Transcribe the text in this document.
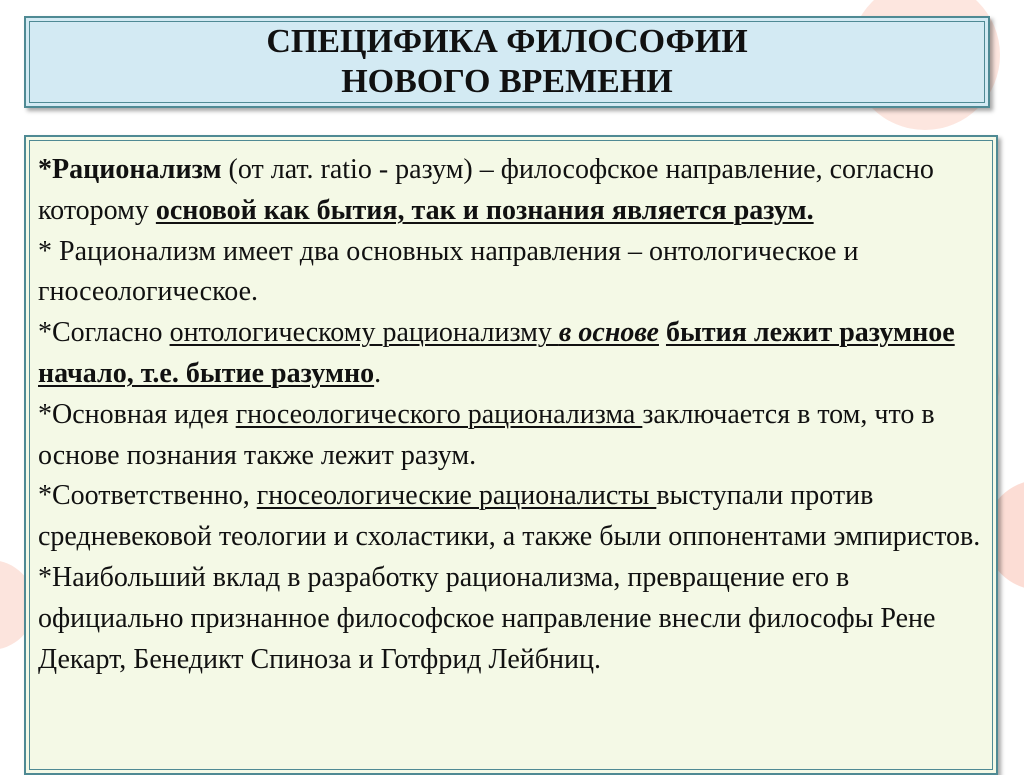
СПЕЦИФИКА ФИЛОСОФИИ НОВОГО ВРЕМЕНИ

*Рационализм (от лат. ratio - разум) – философское направление, согласно которому основой как бытия, так и познания является разум.

* Рационализм имеет два основных направления – онтологическое и гносеологическое.

*Согласно онтологическому рационализму в основе бытия лежит разумное начало, т.е. бытие разумно.

*Основная идея гносеологического рационализма заключается в том, что в основе познания также лежит разум.

*Соответственно, гносеологические рационалисты выступали против средневековой теологии и схоластики, а также были оппонентами эмпиристов.

*Наибольший вклад в разработку рационализма, превращение его в официально признанное философское направление внесли философы Рене Декарт, Бенедикт Спиноза и Готфрид Лейбниц.
